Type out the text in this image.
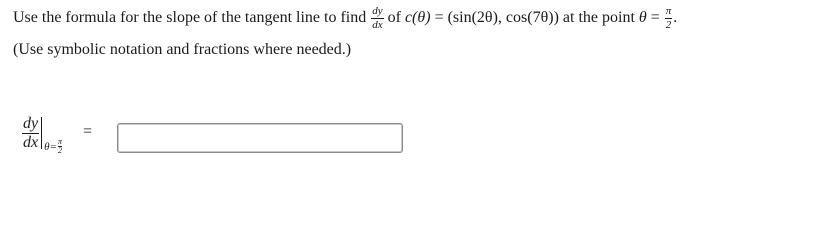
Use the formula for the slope of the tangent line to find $\frac{dy}{dx}$ of
c(θ) = (sin(2θ), cos(7θ)) at the point $\theta = \frac{\pi}{2}$ .
(Use symbolic notation and fractions where needed.)
$\frac{dy}{dx} \theta= \frac{\pi}{2}$
=
